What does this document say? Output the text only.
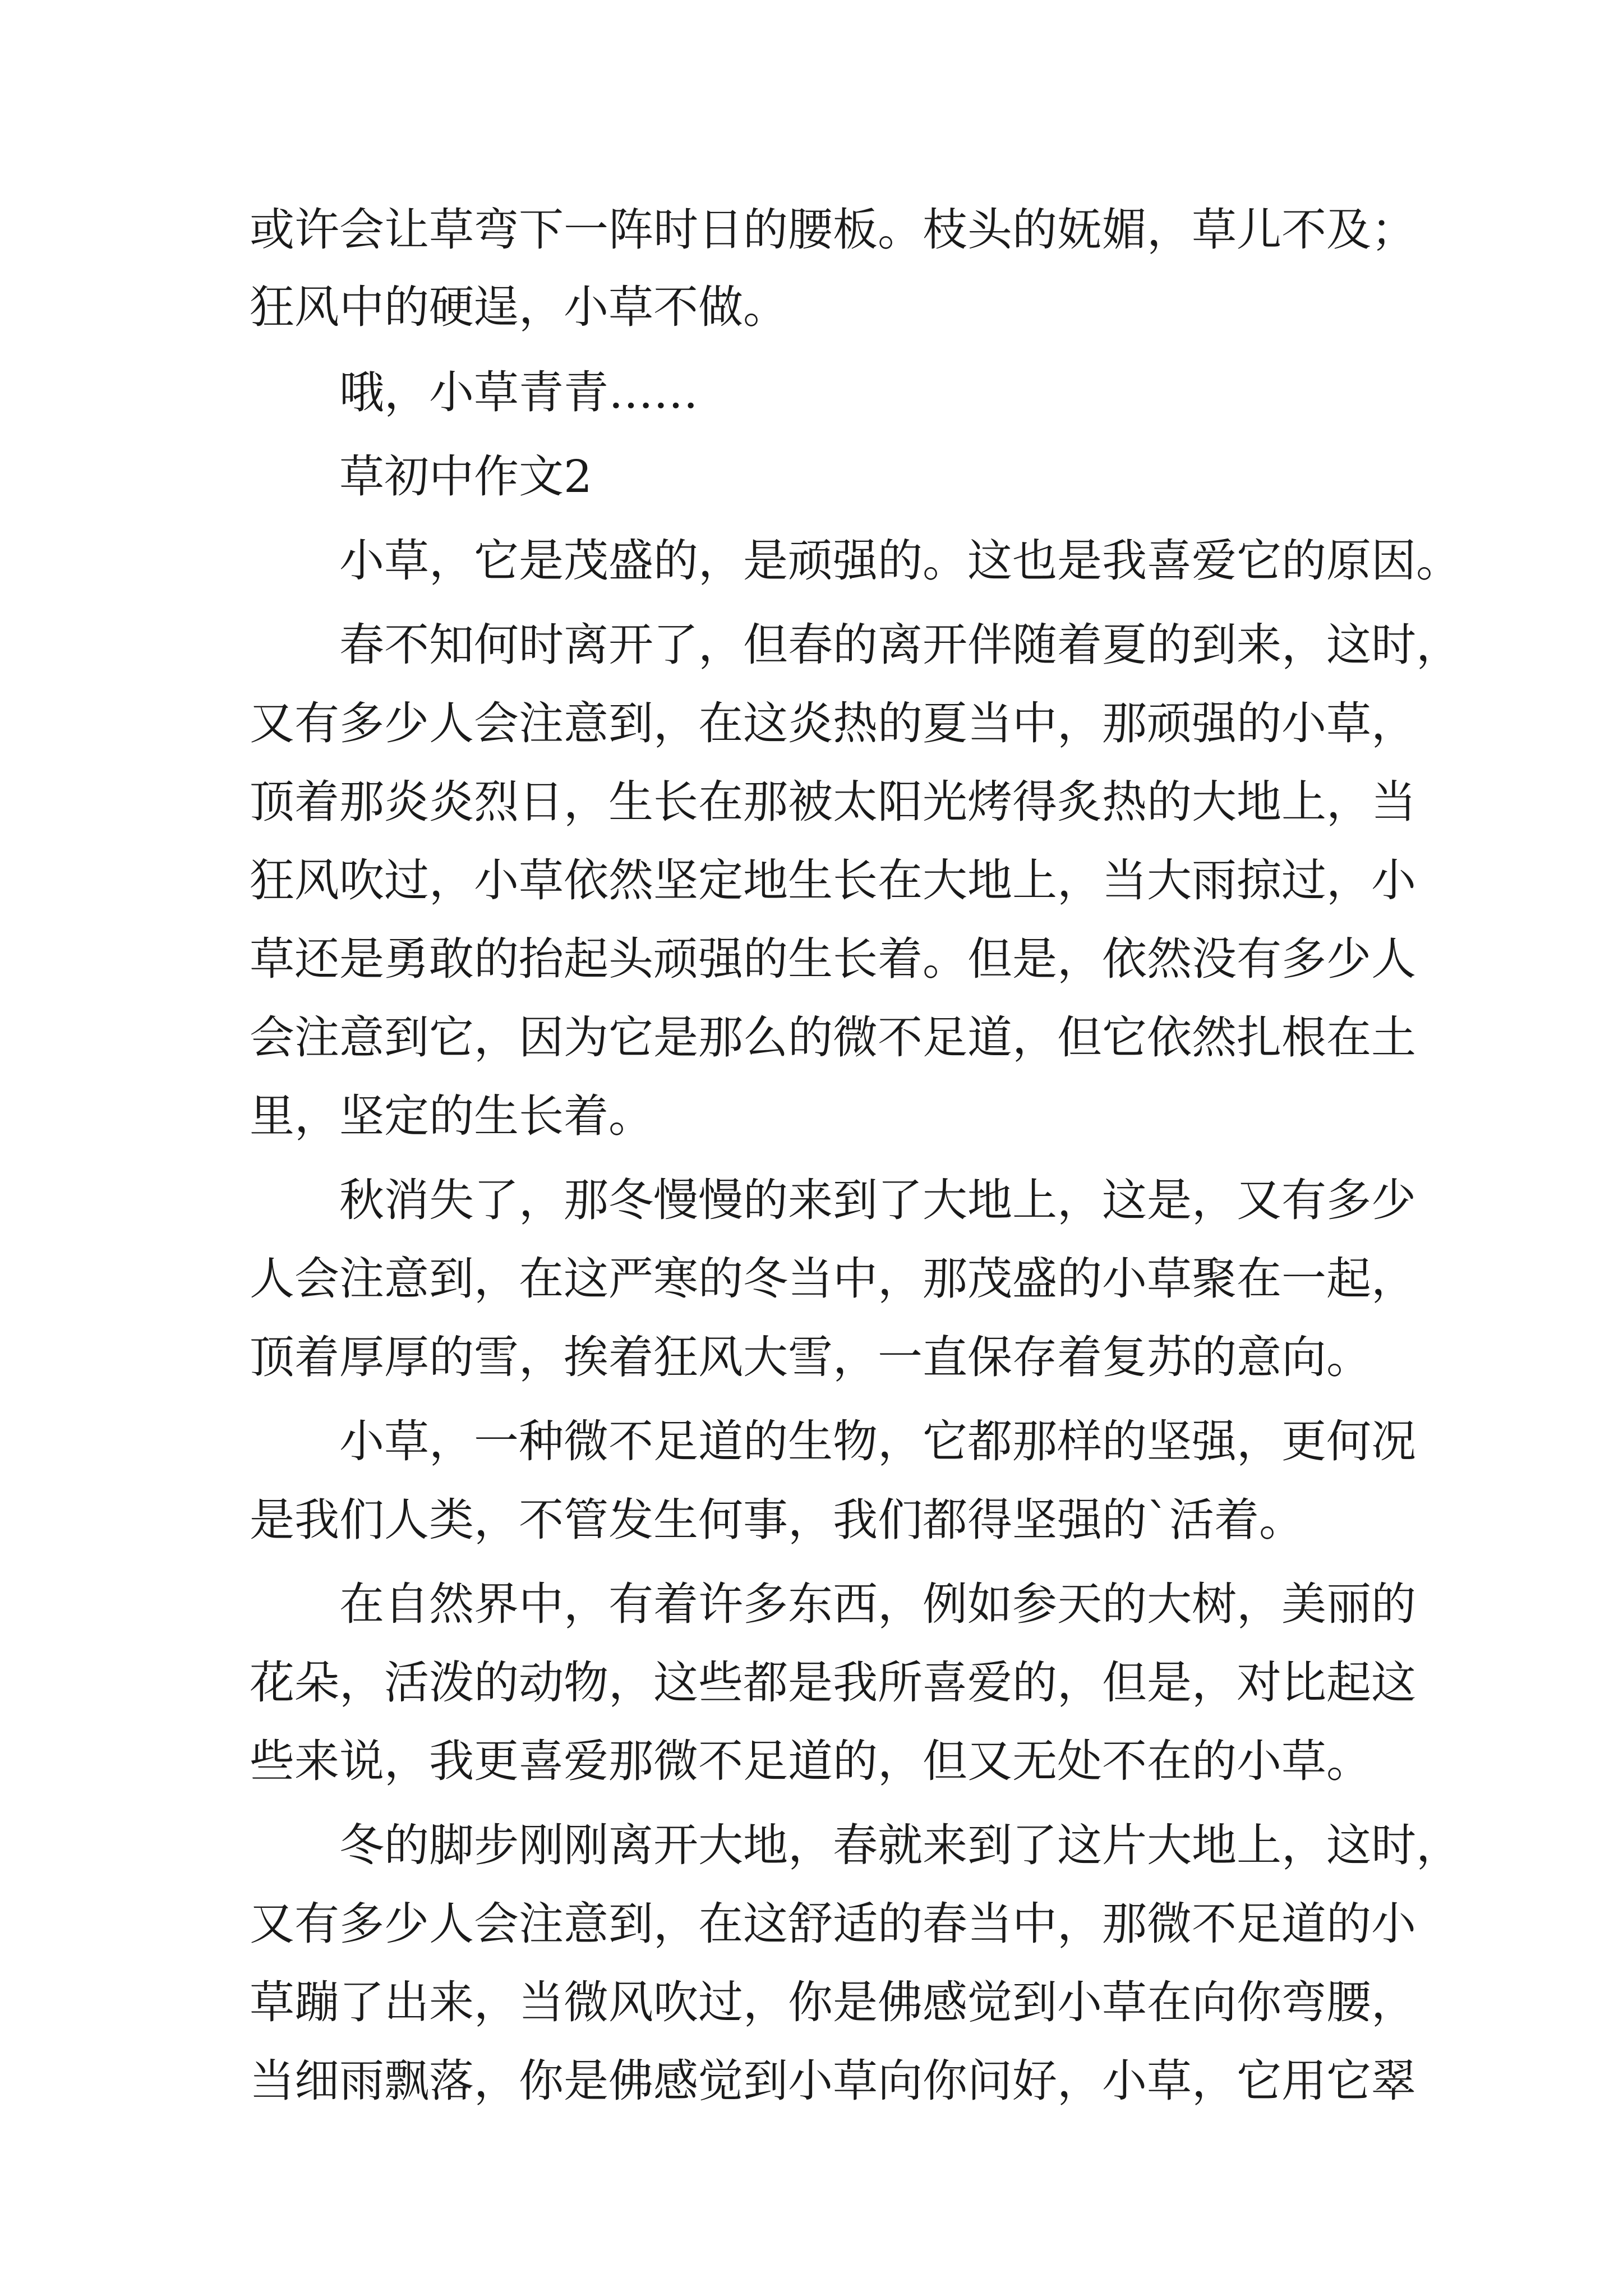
或许会让草弯下一阵时日的腰板。枝头的妩媚，草儿不及；
狂风中的硬逞，小草不做。
哦，小草青青……
草初中作文2
小草，它是茂盛的，是顽强的。这也是我喜爱它的原因。
春不知何时离开了，但春的离开伴随着夏的到来，这时，
又有多少人会注意到，在这炎热的夏当中，那顽强的小草，
顶着那炎炎烈日，生长在那被太阳光烤得炙热的大地上，当
狂风吹过，小草依然坚定地生长在大地上，当大雨掠过，小
草还是勇敢的抬起头顽强的生长着。但是，依然没有多少人
会注意到它，因为它是那么的微不足道，但它依然扎根在土
里，坚定的生长着。
秋消失了，那冬慢慢的来到了大地上，这是，又有多少
人会注意到，在这严寒的冬当中，那茂盛的小草聚在一起，
顶着厚厚的雪，挨着狂风大雪，一直保存着复苏的意向。
小草，一种微不足道的生物，它都那样的坚强，更何况
是我们人类，不管发生何事，我们都得坚强的`活着。
在自然界中，有着许多东西，例如参天的大树，美丽的
花朵，活泼的动物，这些都是我所喜爱的，但是，对比起这
些来说，我更喜爱那微不足道的，但又无处不在的小草。
冬的脚步刚刚离开大地，春就来到了这片大地上，这时，
又有多少人会注意到，在这舒适的春当中，那微不足道的小
草蹦了出来，当微风吹过，你是佛感觉到小草在向你弯腰，
当细雨飘落，你是佛感觉到小草向你问好，小草，它用它翠
